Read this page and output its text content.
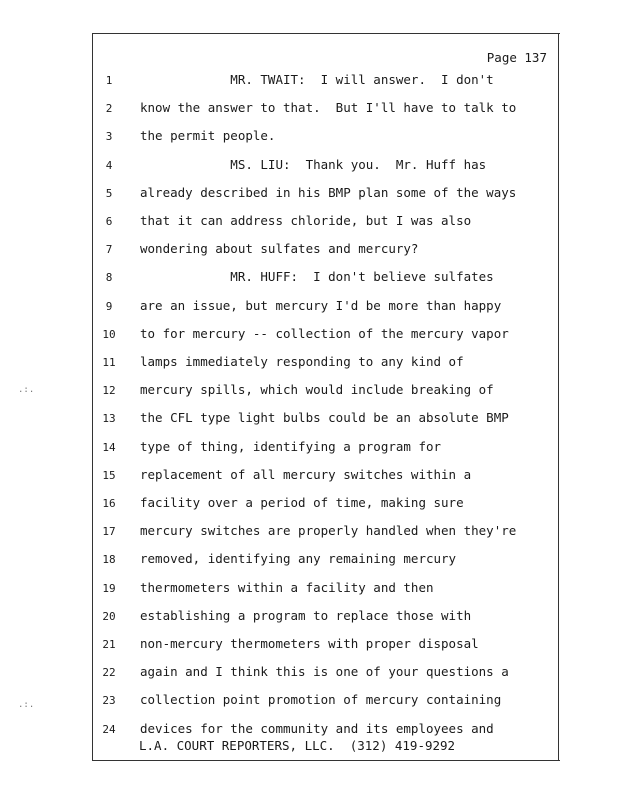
Page 137
1	MR. TWAIT:  I will answer.  I don't
2	know the answer to that.  But I'll have to talk to
3	the permit people.
4	MS. LIU:  Thank you.  Mr. Huff has
5	already described in his BMP plan some of the ways
6	that it can address chloride, but I was also
7	wondering about sulfates and mercury?
8	MR. HUFF:  I don't believe sulfates
9	are an issue, but mercury I'd be more than happy
10	to for mercury -- collection of the mercury vapor
11	lamps immediately responding to any kind of
12	mercury spills, which would include breaking of
13	the CFL type light bulbs could be an absolute BMP
14	type of thing, identifying a program for
15	replacement of all mercury switches within a
16	facility over a period of time, making sure
17	mercury switches are properly handled when they're
18	removed, identifying any remaining mercury
19	thermometers within a facility and then
20	establishing a program to replace those with
21	non-mercury thermometers with proper disposal
22	again and I think this is one of your questions a
23	collection point promotion of mercury containing
24	devices for the community and its employees and
L.A. COURT REPORTERS, LLC.  (312) 419-9292
.:.
.:.
